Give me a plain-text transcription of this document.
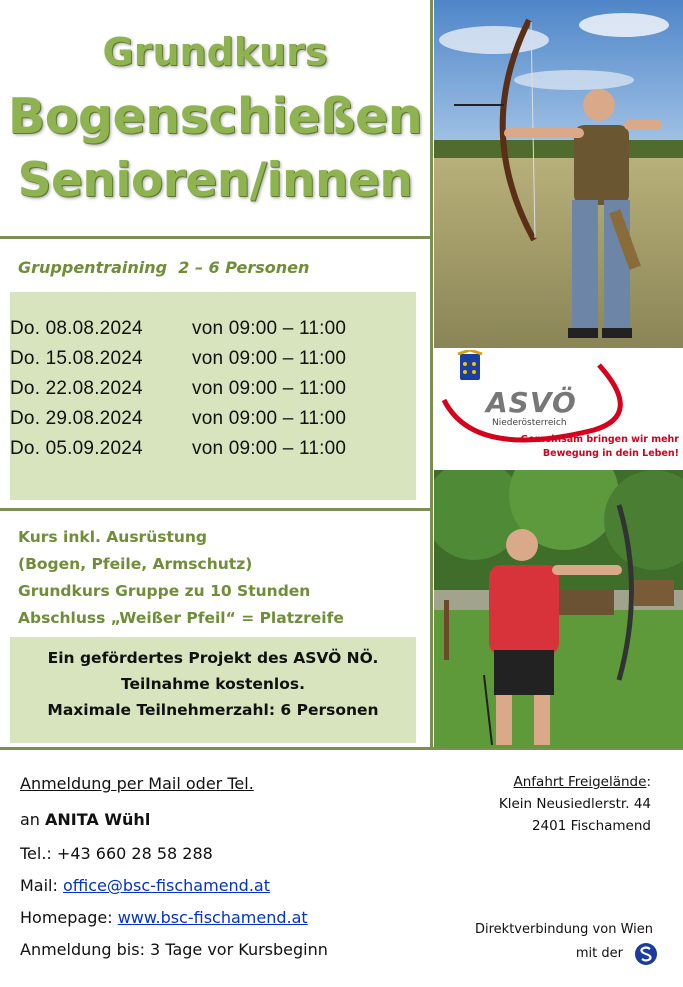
Grundkurs
Bogenschießen
Senioren/innen
Gruppentraining  2 – 6 Personen
Do. 08.08.2024	von 09:00 – 11:00
Do. 15.08.2024	von 09:00 – 11:00
Do. 22.08.2024	von 09:00 – 11:00
Do. 29.08.2024	von 09:00 – 11:00
Do. 05.09.2024	von 09:00 – 11:00
Kurs inkl. Ausrüstung
(Bogen, Pfeile, Armschutz)
Grundkurs Gruppe zu 10 Stunden
Abschluss „Weißer Pfeil“ = Platzreife
Ein gefördertes Projekt des ASVÖ NÖ.
Teilnahme kostenlos.
Maximale Teilnehmerzahl: 6 Personen
ASVÖ
Niederösterreich
Gemeinsam bringen wir mehr
Bewegung in dein Leben!
Anmeldung per Mail oder Tel.
an ANITA Wühl
Tel.: +43 660 28 58 288
Mail: office@bsc-fischamend.at
Homepage: www.bsc-fischamend.at
Anmeldung bis: 3 Tage vor Kursbeginn
Anfahrt Freigelände:
Klein Neusiedlerstr. 44
2401 Fischamend
Direktverbindung von Wien
mit der
